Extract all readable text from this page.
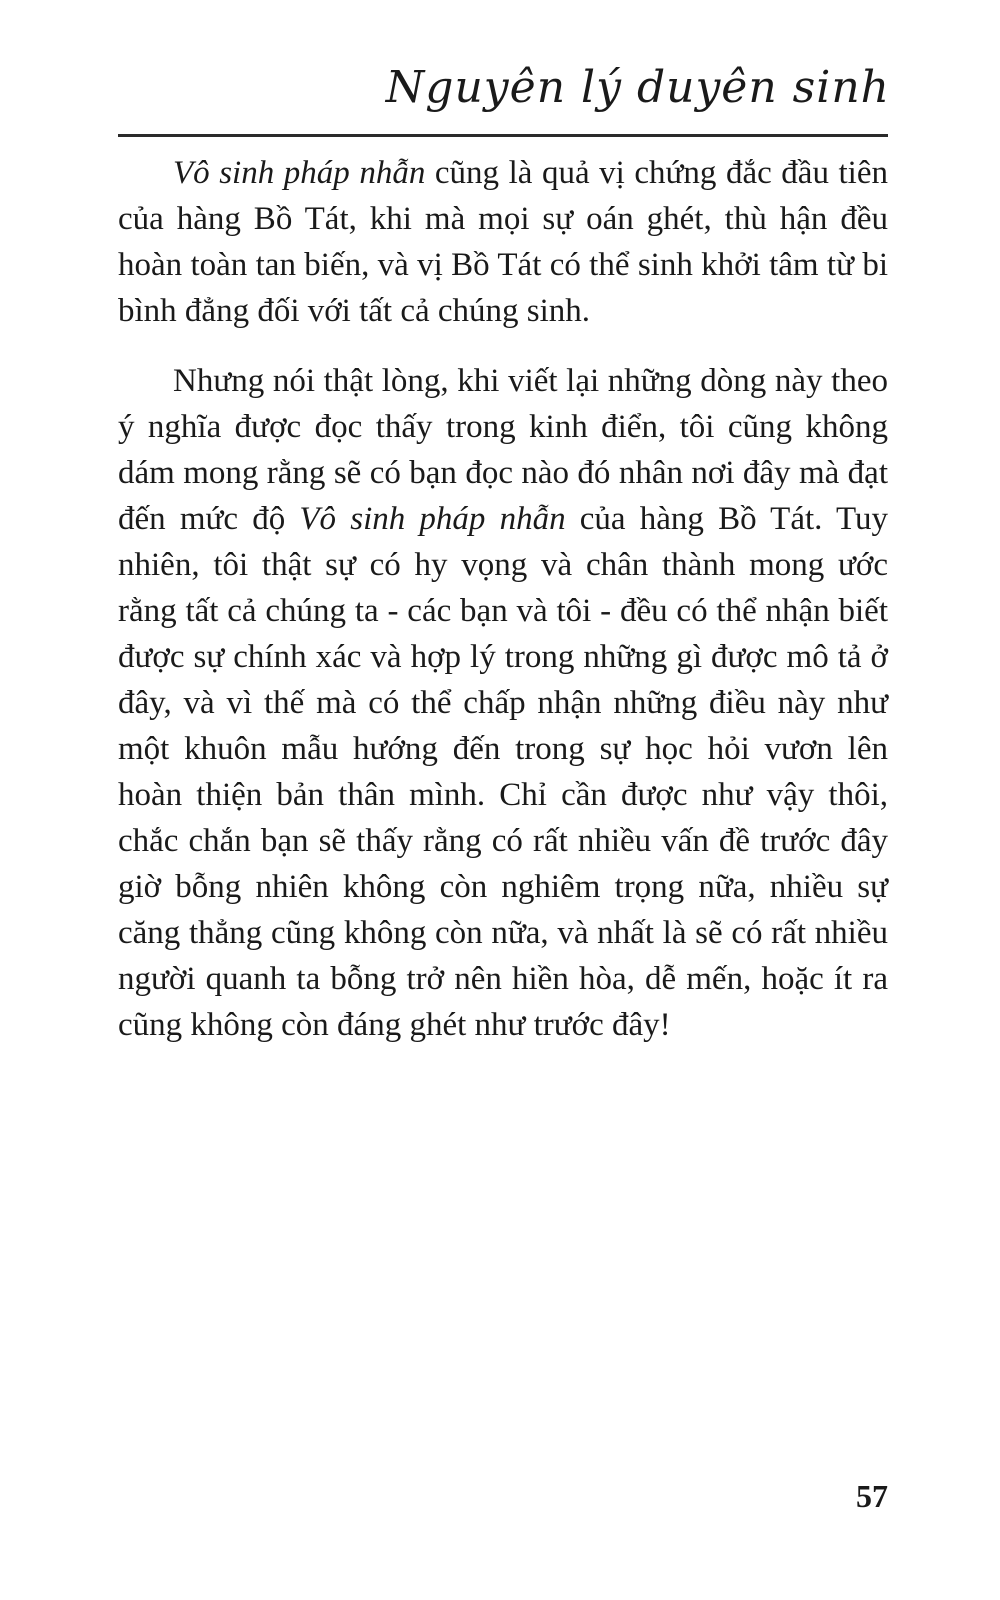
Nguyên lý duyên sinh

Vô sinh pháp nhẫn cũng là quả vị chứng đắc đầu tiên của hàng Bồ Tát, khi mà mọi sự oán ghét, thù hận đều hoàn toàn tan biến, và vị Bồ Tát có thể sinh khởi tâm từ bi bình đẳng đối với tất cả chúng sinh.

Nhưng nói thật lòng, khi viết lại những dòng này theo ý nghĩa được đọc thấy trong kinh điển, tôi cũng không dám mong rằng sẽ có bạn đọc nào đó nhân nơi đây mà đạt đến mức độ Vô sinh pháp nhẫn của hàng Bồ Tát. Tuy nhiên, tôi thật sự có hy vọng và chân thành mong ước rằng tất cả chúng ta - các bạn và tôi - đều có thể nhận biết được sự chính xác và hợp lý trong những gì được mô tả ở đây, và vì thế mà có thể chấp nhận những điều này như một khuôn mẫu hướng đến trong sự học hỏi vươn lên hoàn thiện bản thân mình. Chỉ cần được như vậy thôi, chắc chắn bạn sẽ thấy rằng có rất nhiều vấn đề trước đây giờ bỗng nhiên không còn nghiêm trọng nữa, nhiều sự căng thẳng cũng không còn nữa, và nhất là sẽ có rất nhiều người quanh ta bỗng trở nên hiền hòa, dễ mến, hoặc ít ra cũng không còn đáng ghét như trước đây!

57
